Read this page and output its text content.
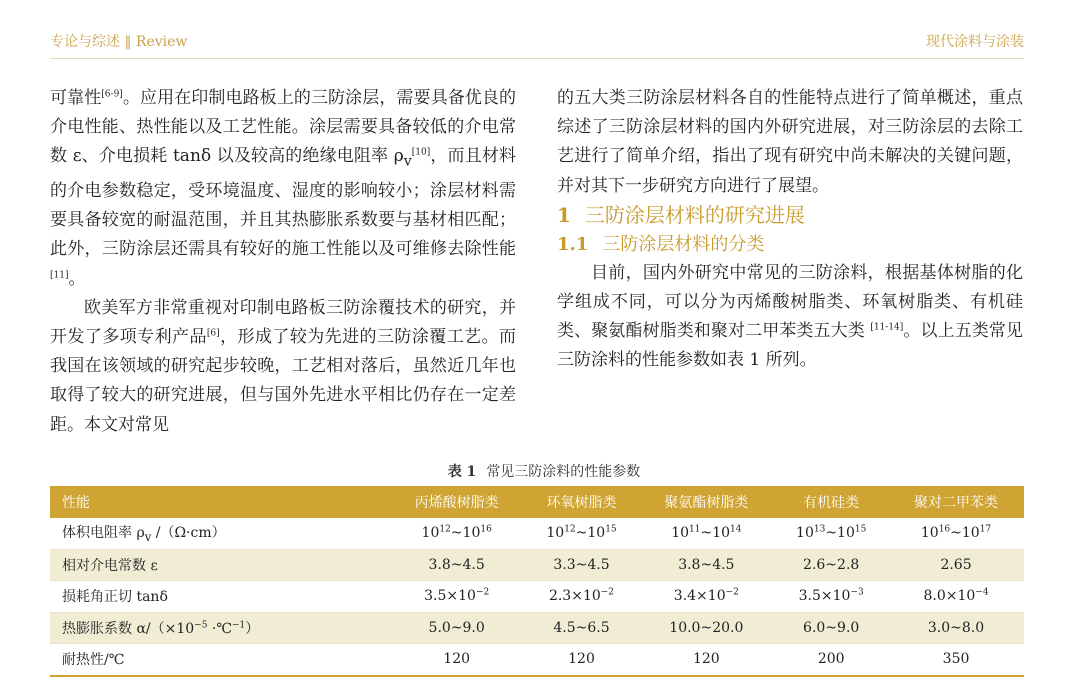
专论与综述 ‖ Review	现代涂料与涂装

可靠性[6-9]。应用在印制电路板上的三防涂层，需要具备优良的介电性能、热性能以及工艺性能。涂层需要具备较低的介电常数 ε、介电损耗 tanδ 以及较高的绝缘电阻率 $\rho_v[10]$，而且材料的介电参数稳定，受环境温度、湿度的影响较小；涂层材料需要具备较宽的耐温范围，并且其热膨胀系数要与基材相匹配；此外，三防涂层还需具有较好的施工性能以及可维修去除性能[11]。

欧美军方非常重视对印制电路板三防涂覆技术的研究，并开发了多项专利产品[6]，形成了较为先进的三防涂覆工艺。而我国在该领域的研究起步较晚，工艺相对落后，虽然近几年也取得了较大的研究进展，但与国外先进水平相比仍存在一定差距。本文对常见

的五大类三防涂层材料各自的性能特点进行了简单概述，重点综述了三防涂层材料的国内外研究进展，对三防涂层的去除工艺进行了简单介绍，指出了现有研究中尚未解决的关键问题，并对其下一步研究方向进行了展望。

1 三防涂层材料的研究进展
1.1 三防涂层材料的分类

目前，国内外研究中常见的三防涂料，根据基体树脂的化学组成不同，可以分为丙烯酸树脂类、环氧树脂类、有机硅类、聚氨酯树脂类和聚对二甲苯类五大类 [11-14]。以上五类常见三防涂料的性能参数如表 1 所列。

表 1 常见三防涂料的性能参数
性能	丙烯酸树脂类	环氧树脂类	聚氨酯树脂类	有机硅类	聚对二甲苯类
体积电阻率 $\rho_v$ /（Ω·cm）	$10^{12}\sim 10^{16}$	$10^{12}\sim 10^{15}$	$10^{11}\sim 10^{14}$	$10^{13}\sim 10^{15}$	$10^{16}\sim 10^{17}$
相对介电常数 ε	3.8~4.5	3.3~4.5	3.8~4.5	2.6~2.8	2.65
损耗角正切 tanδ	$3.5\times 10^{-2}$	$2.3\times 10^{-2}$	$3.4\times 10^{-2}$	$3.5\times 10^{-3}$	$8.0\times 10^{-4}$
热膨胀系数 $\alpha/(\times 10^{-5}$ ·℃$^{-1}$）	5.0~9.0	4.5~6.5	10.0~20.0	6.0~9.0	3.0~8.0
耐热性/℃	120	120	120	200	350
